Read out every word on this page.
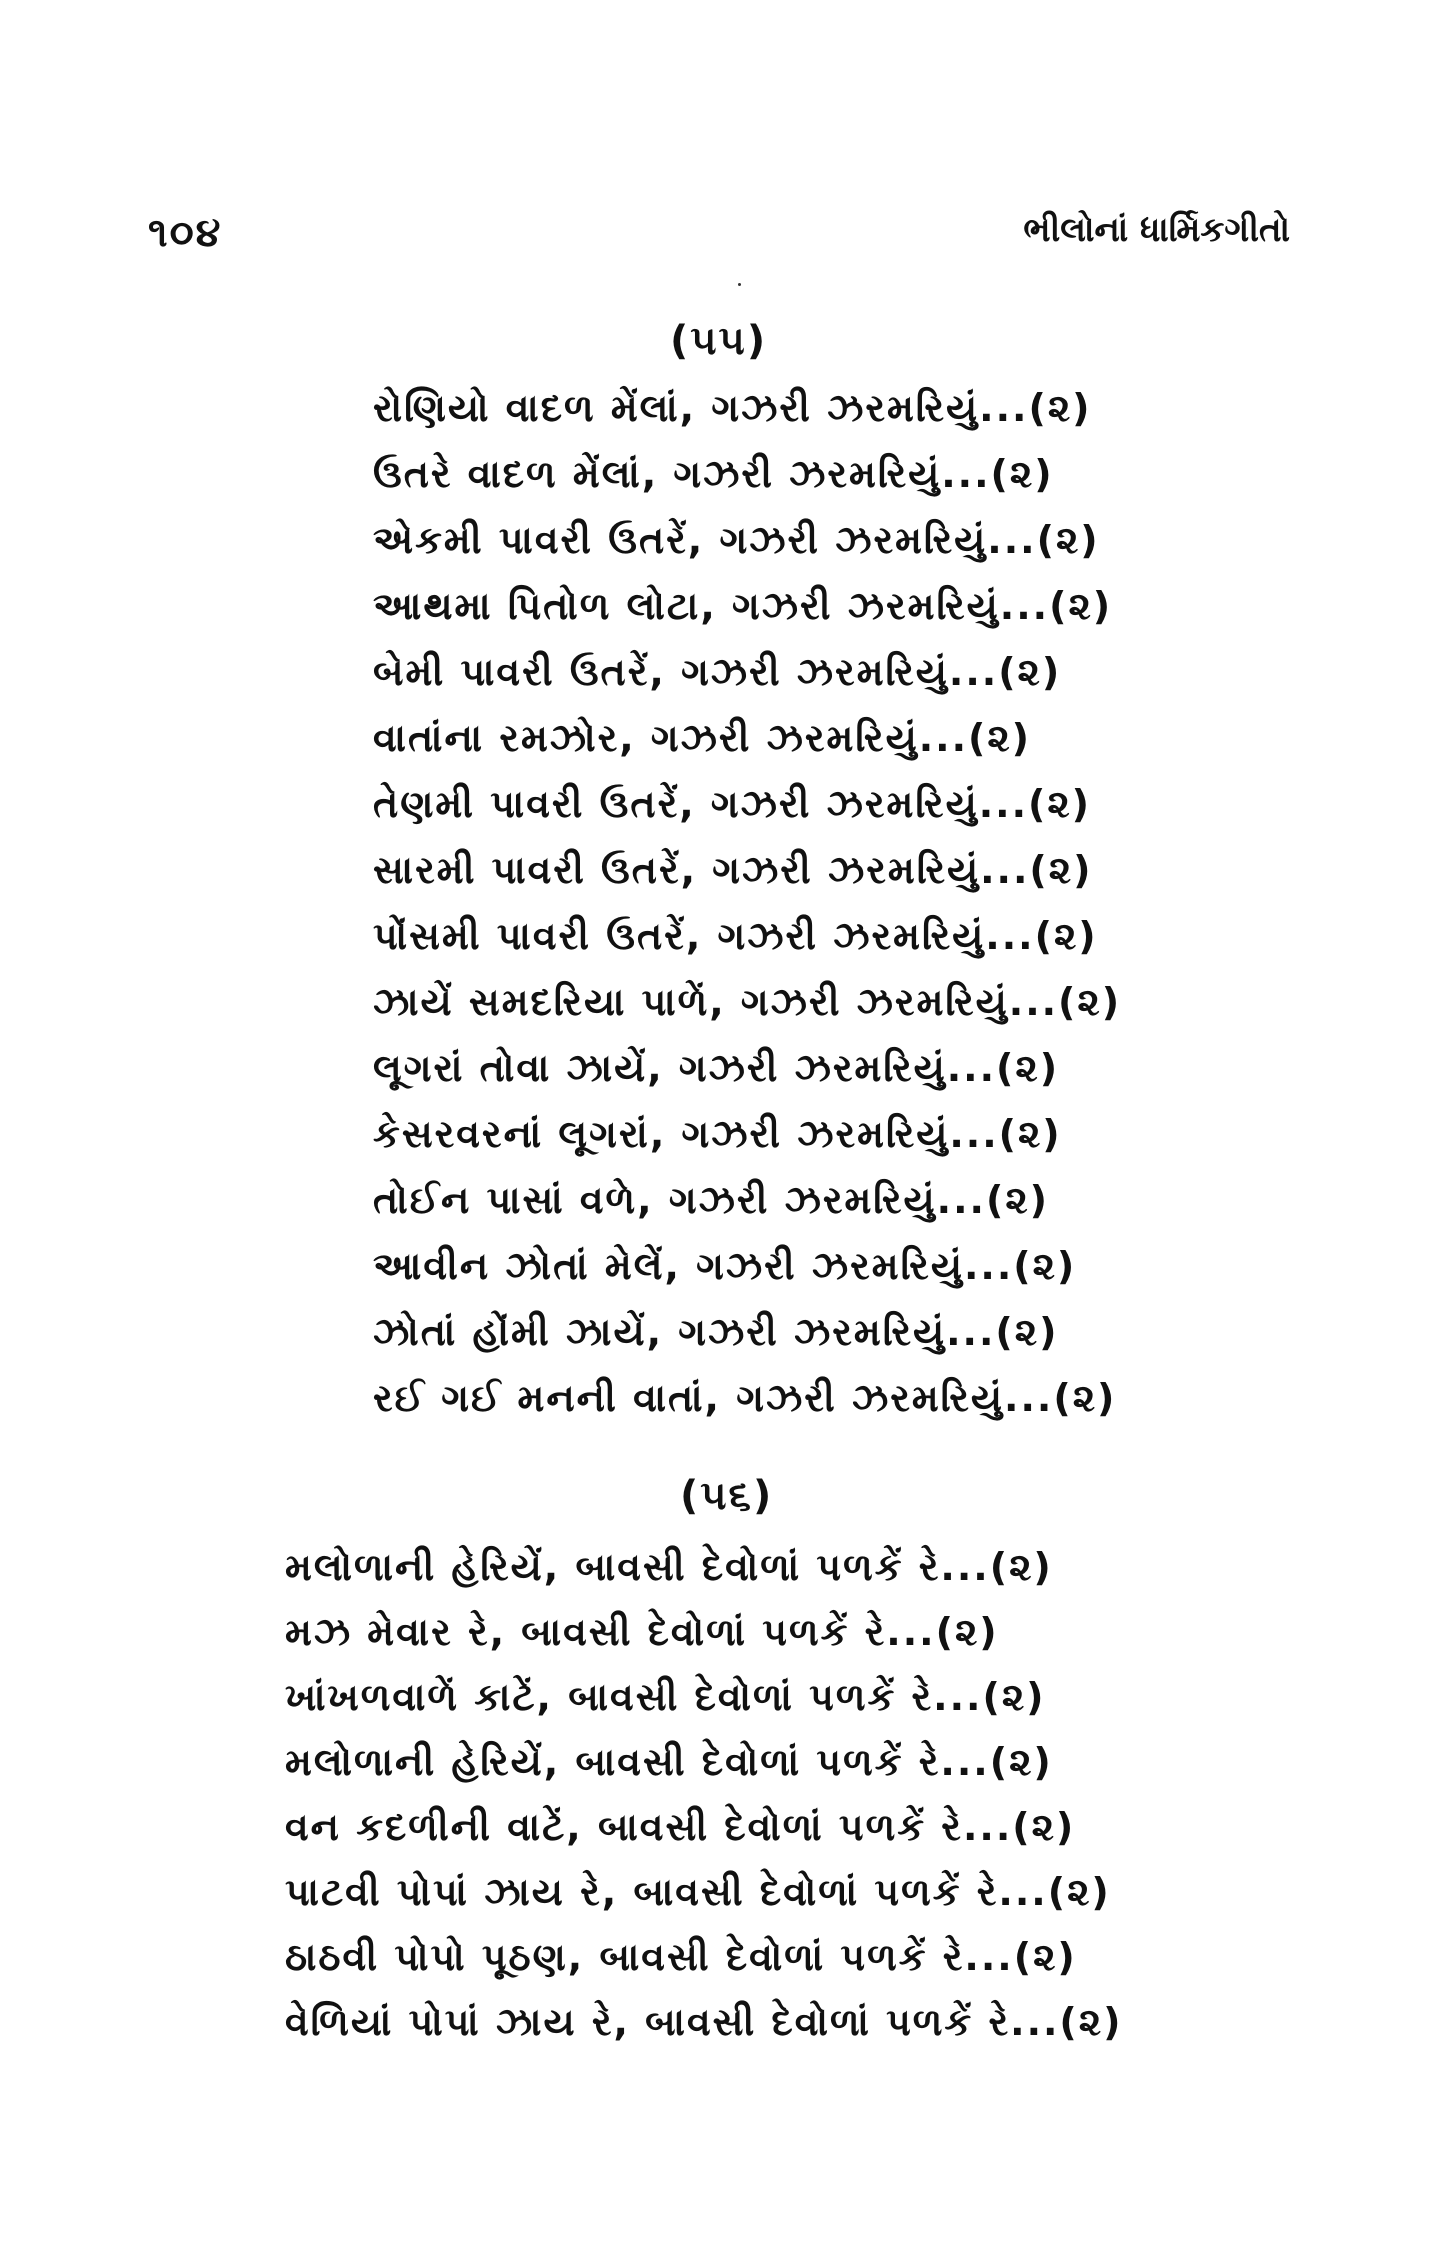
૧૦૪	ભીલોનાં ધાર્મિકગીતો
(૫૫)
રોણિયો વાદળ મેંલાં, ગઝરી ઝરમરિયું...(૨)
ઉતરે વાદળ મેંલાં, ગઝરી ઝરમરિયું...(૨)
એકમી પાવરી ઉતરેં, ગઝરી ઝરમરિયું...(૨)
આથમા પિતોળ લોટા, ગઝરી ઝરમરિયું...(૨)
બેમી પાવરી ઉતરેં, ગઝરી ઝરમરિયું...(૨)
વાતાંના રમઝોર, ગઝરી ઝરમરિયું...(૨)
તેણમી પાવરી ઉતરેં, ગઝરી ઝરમરિયું...(૨)
સારમી પાવરી ઉતરેં, ગઝરી ઝરમરિયું...(૨)
પોંસમી પાવરી ઉતરેં, ગઝરી ઝરમરિયું...(૨)
ઝાયેં સમદરિયા પાળેં, ગઝરી ઝરમરિયું...(૨)
લૂગરાં તોવા ઝાયેં, ગઝરી ઝરમરિયું...(૨)
કેસરવરનાં લૂગરાં, ગઝરી ઝરમરિયું...(૨)
તોઈન પાસાં વળે, ગઝરી ઝરમરિયું...(૨)
આવીન ઝોતાં મેલેં, ગઝરી ઝરમરિયું...(૨)
ઝોતાં હોંમી ઝાયેં, ગઝરી ઝરમરિયું...(૨)
રઈ ગઈ મનની વાતાં, ગઝરી ઝરમરિયું...(૨)
(૫૬)
મલોળાની હેરિયેં, બાવસી દેવોળાં પળકેં રે...(૨)
મઝ મેવાર રે, બાવસી દેવોળાં પળકેં રે...(૨)
ખાંખળવાળેં કાટેં, બાવસી દેવોળાં પળકેં રે...(૨)
મલોળાની હેરિયેં, બાવસી દેવોળાં પળકેં રે...(૨)
વન કદળીની વાટેં, બાવસી દેવોળાં પળકેં રે...(૨)
પાટવી પોપાં ઝાય રે, બાવસી દેવોળાં પળકેં રે...(૨)
ઠાઠવી પોપો પૂઠણ, બાવસી દેવોળાં પળકેં રે...(૨)
વેળિયાં પોપાં ઝાય રે, બાવસી દેવોળાં પળકેં રે...(૨)
